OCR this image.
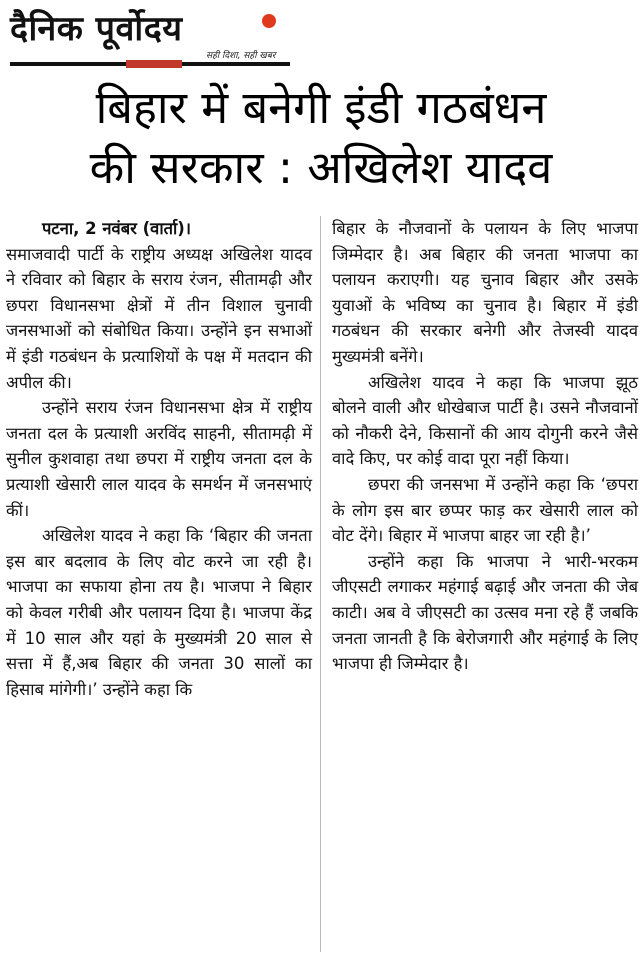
दैनिक पूर्वोदय
सही दिशा, सही खबर
बिहार में बनेगी इंडी गठबंधन
की सरकार : अखिलेश यादव

पटना, 2 नवंबर (वार्ता)।

समाजवादी पार्टी के राष्ट्रीय अध्यक्ष अखिलेश यादव ने रविवार को बिहार के सराय रंजन, सीतामढ़ी और छपरा विधानसभा क्षेत्रों में तीन विशाल चुनावी जनसभाओं को संबोधित किया। उन्होंने इन सभाओं में इंडी गठबंधन के प्रत्याशियों के पक्ष में मतदान की अपील की।

उन्होंने सराय रंजन विधानसभा क्षेत्र में राष्ट्रीय जनता दल के प्रत्याशी अरविंद साहनी, सीतामढ़ी में सुनील कुशवाहा तथा छपरा में राष्ट्रीय जनता दल के प्रत्याशी खेसारी लाल यादव के समर्थन में जनसभाएं कीं।

अखिलेश यादव ने कहा कि ‘बिहार की जनता इस बार बदलाव के लिए वोट करने जा रही है। भाजपा का सफाया होना तय है। भाजपा ने बिहार को केवल गरीबी और पलायन दिया है। भाजपा केंद्र में 10 साल और यहां के मुख्यमंत्री 20 साल से सत्ता में हैं,अब बिहार की जनता 30 सालों का हिसाब मांगेगी।’ उन्होंने कहा कि

बिहार के नौजवानों के पलायन के लिए भाजपा जिम्मेदार है। अब बिहार की जनता भाजपा का पलायन कराएगी। यह चुनाव बिहार और उसके युवाओं के भविष्य का चुनाव है। बिहार में इंडी गठबंधन की सरकार बनेगी और तेजस्वी यादव मुख्यमंत्री बनेंगे।

अखिलेश यादव ने कहा कि भाजपा झूठ बोलने वाली और धोखेबाज पार्टी है। उसने नौजवानों को नौकरी देने, किसानों की आय दोगुनी करने जैसे वादे किए, पर कोई वादा पूरा नहीं किया।

छपरा की जनसभा में उन्होंने कहा कि ‘छपरा के लोग इस बार छप्पर फाड़ कर खेसारी लाल को वोट देंगे। बिहार में भाजपा बाहर जा रही है।’

उन्होंने कहा कि भाजपा ने भारी-भरकम जीएसटी लगाकर महंगाई बढ़ाई और जनता की जेब काटी। अब वे जीएसटी का उत्सव मना रहे हैं जबकि जनता जानती है कि बेरोजगारी और महंगाई के लिए भाजपा ही जिम्मेदार है।
